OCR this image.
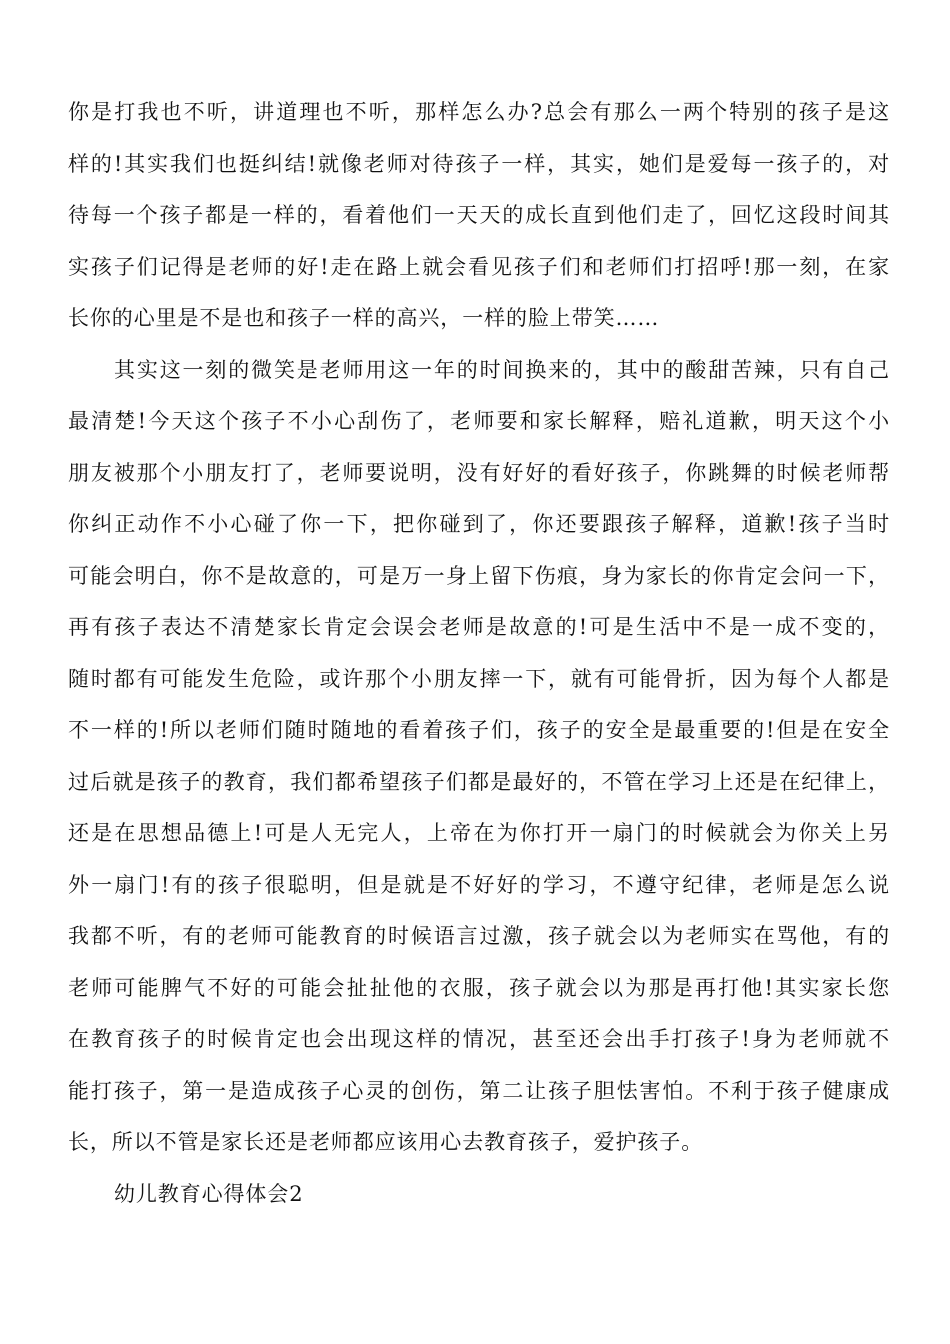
你是打我也不听，讲道理也不听，那样怎么办?总会有那么一两个特别的孩子是这
样的!其实我们也挺纠结!就像老师对待孩子一样，其实，她们是爱每一孩子的，对
待每一个孩子都是一样的，看着他们一天天的成长直到他们走了，回忆这段时间其
实孩子们记得是老师的好!走在路上就会看见孩子们和老师们打招呼!那一刻，在家
长你的心里是不是也和孩子一样的高兴，一样的脸上带笑……
其实这一刻的微笑是老师用这一年的时间换来的，其中的酸甜苦辣，只有自己
最清楚!今天这个孩子不小心刮伤了，老师要和家长解释，赔礼道歉，明天这个小
朋友被那个小朋友打了，老师要说明，没有好好的看好孩子，你跳舞的时候老师帮
你纠正动作不小心碰了你一下，把你碰到了，你还要跟孩子解释，道歉!孩子当时
可能会明白，你不是故意的，可是万一身上留下伤痕，身为家长的你肯定会问一下，
再有孩子表达不清楚家长肯定会误会老师是故意的!可是生活中不是一成不变的，
随时都有可能发生危险，或许那个小朋友摔一下，就有可能骨折，因为每个人都是
不一样的!所以老师们随时随地的看着孩子们，孩子的安全是最重要的!但是在安全
过后就是孩子的教育，我们都希望孩子们都是最好的，不管在学习上还是在纪律上，
还是在思想品德上!可是人无完人，上帝在为你打开一扇门的时候就会为你关上另
外一扇门!有的孩子很聪明，但是就是不好好的学习，不遵守纪律，老师是怎么说
我都不听，有的老师可能教育的时候语言过激，孩子就会以为老师实在骂他，有的
老师可能脾气不好的可能会扯扯他的衣服，孩子就会以为那是再打他!其实家长您
在教育孩子的时候肯定也会出现这样的情况，甚至还会出手打孩子!身为老师就不
能打孩子，第一是造成孩子心灵的创伤，第二让孩子胆怯害怕。不利于孩子健康成
长，所以不管是家长还是老师都应该用心去教育孩子，爱护孩子。
幼儿教育心得体会2
